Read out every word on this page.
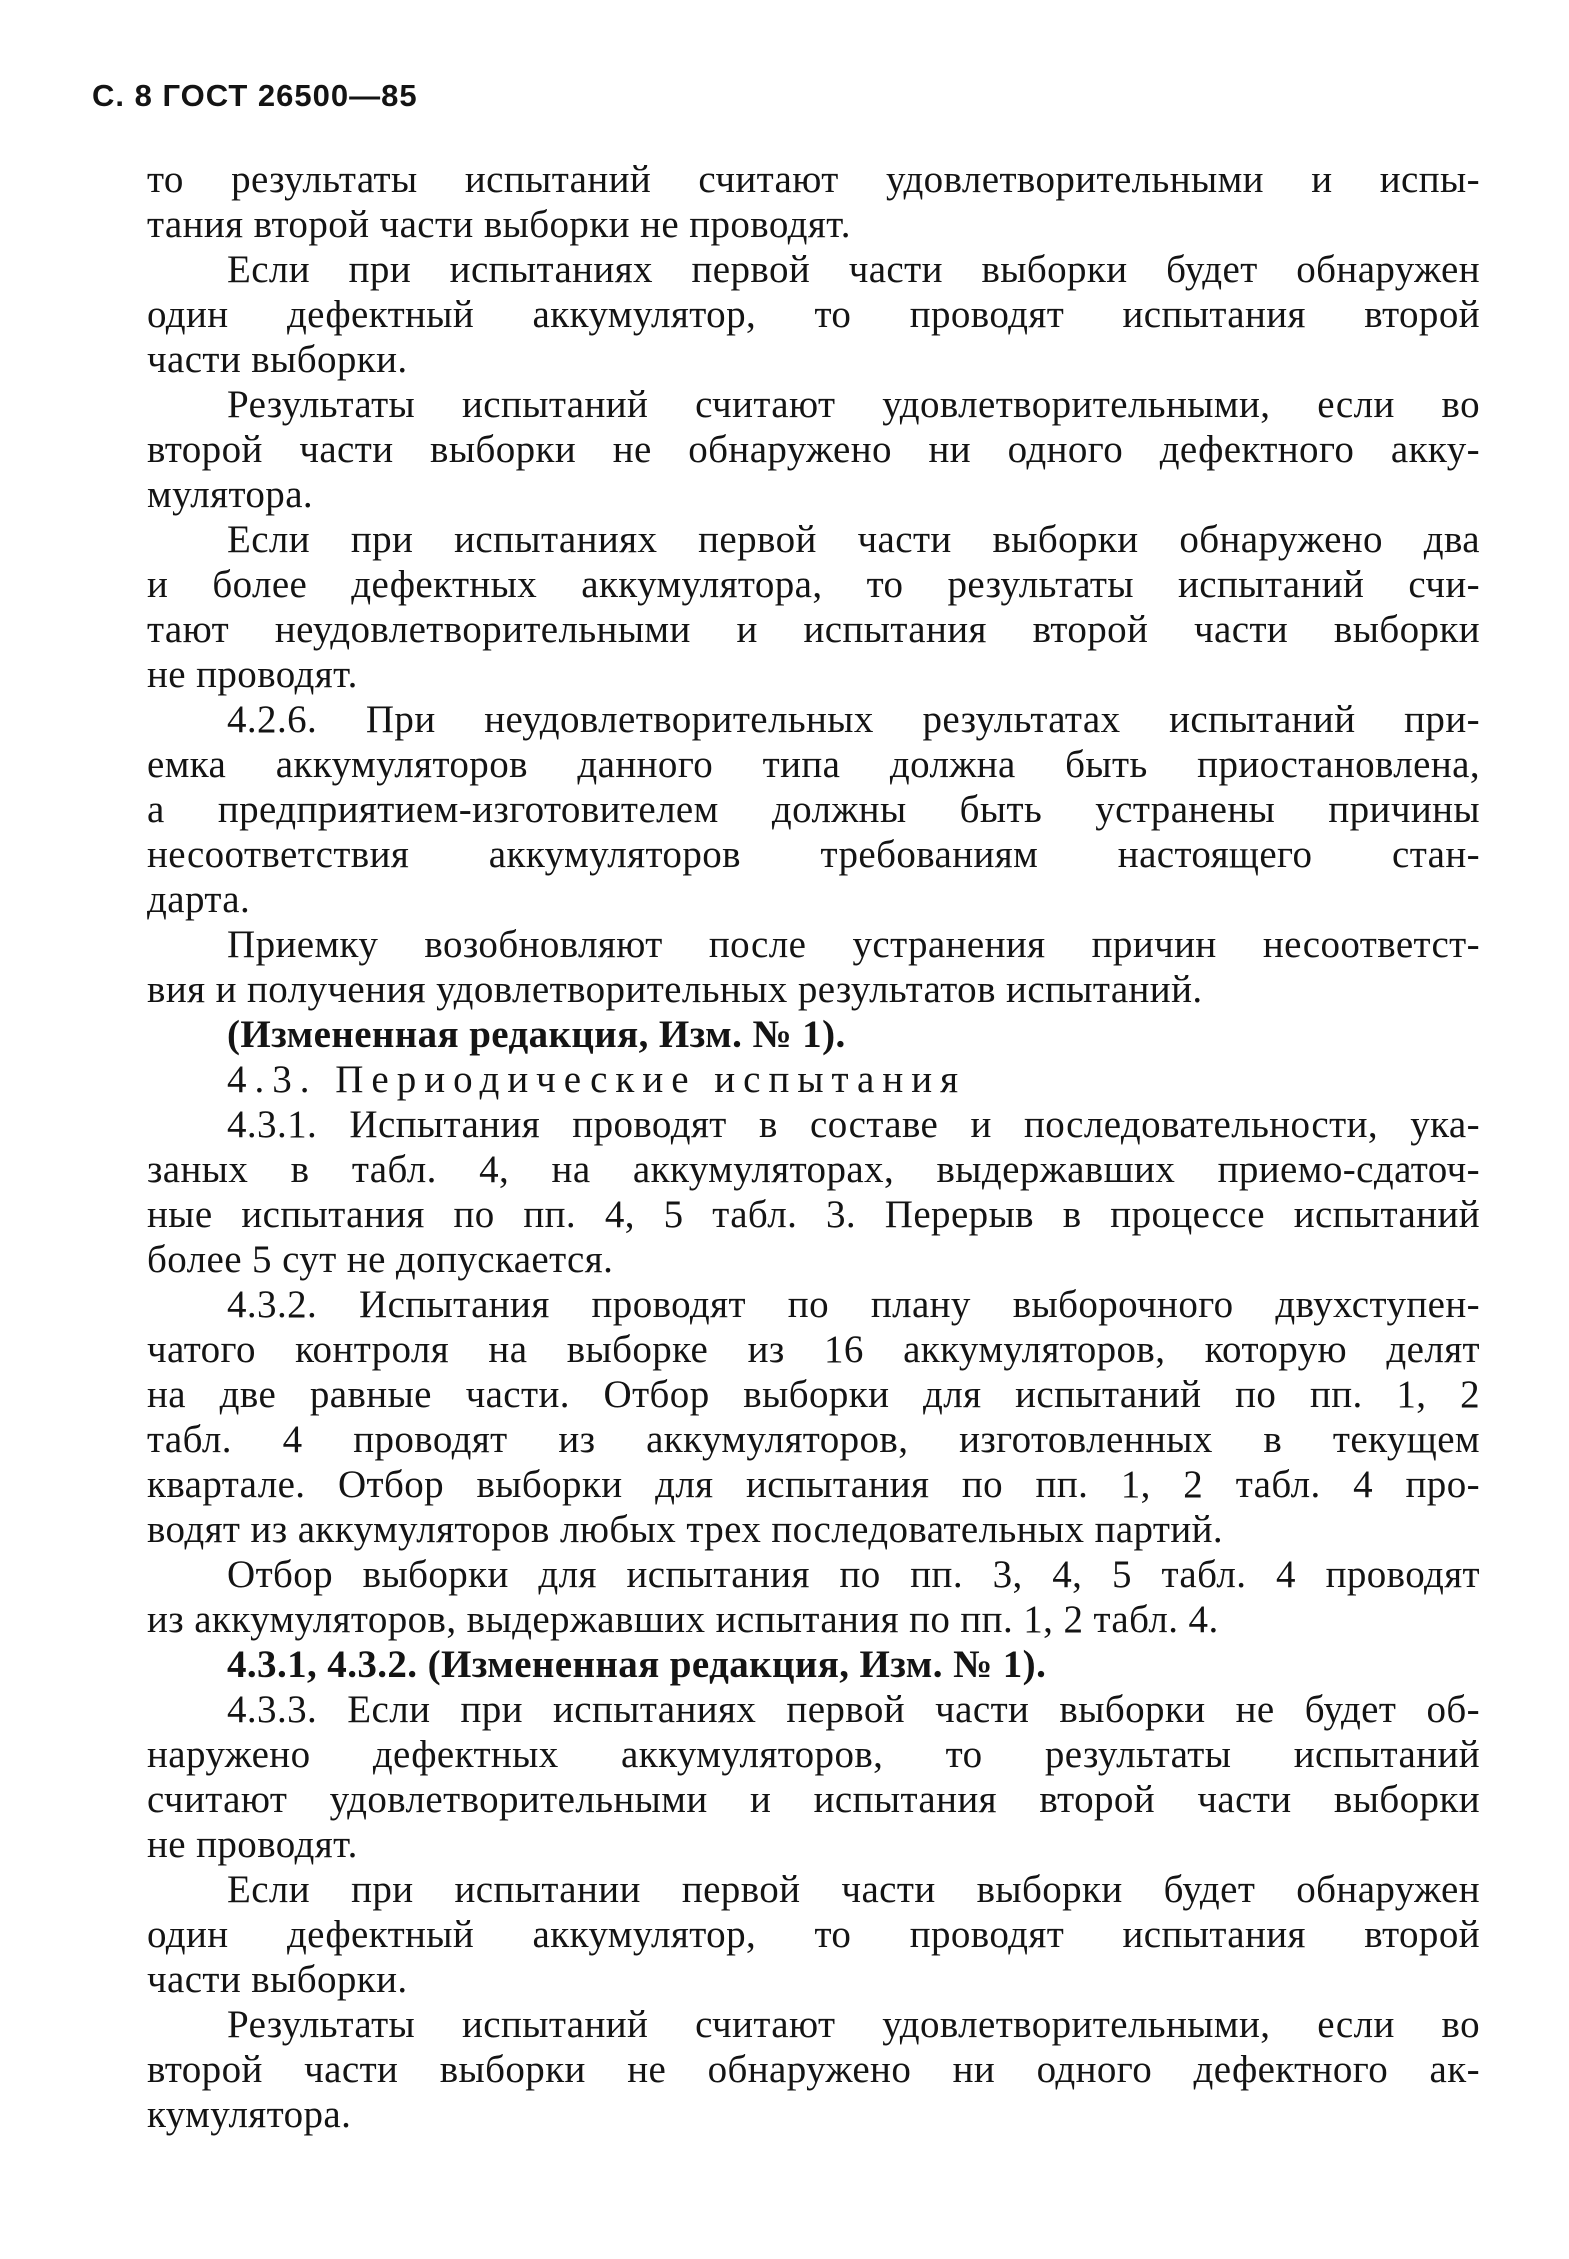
С. 8 ГОСТ 26500—85

то результаты испытаний считают удовлетворительными и испы-
тания второй части выборки не проводят.

Если при испытаниях первой части выборки будет обнаружен
один дефектный аккумулятор, то проводят испытания второй
части выборки.

Результаты испытаний считают удовлетворительными, если во
второй части выборки не обнаружено ни одного дефектного акку-
мулятора.

Если при испытаниях первой части выборки обнаружено два
и более дефектных аккумулятора, то результаты испытаний счи-
тают неудовлетворительными и испытания второй части выборки
не проводят.

4.2.6. При неудовлетворительных результатах испытаний при-
емка аккумуляторов данного типа должна быть приостановлена,
а предприятием-изготовителем должны быть устранены причины
несоответствия аккумуляторов требованиям настоящего стан-
дарта.

Приемку возобновляют после устранения причин несоответст-
вия и получения удовлетворительных результатов испытаний.

(Измененная редакция, Изм. № 1).

4.3. Периодические испытания

4.3.1. Испытания проводят в составе и последовательности, ука-
заных в табл. 4, на аккумуляторах, выдержавших приемо-сдаточ-
ные испытания по пп. 4, 5 табл. 3. Перерыв в процессе испытаний
более 5 сут не допускается.

4.3.2. Испытания проводят по плану выборочного двухступен-
чатого контроля на выборке из 16 аккумуляторов, которую делят
на две равные части. Отбор выборки для испытаний по пп. 1, 2
табл. 4 проводят из аккумуляторов, изготовленных в текущем
квартале. Отбор выборки для испытания по пп. 1, 2 табл. 4 про-
водят из аккумуляторов любых трех последовательных партий.

Отбор выборки для испытания по пп. 3, 4, 5 табл. 4 проводят
из аккумуляторов, выдержавших испытания по пп. 1, 2 табл. 4.

4.3.1, 4.3.2. (Измененная редакция, Изм. № 1).

4.3.3. Если при испытаниях первой части выборки не будет об-
наружено дефектных аккумуляторов, то результаты испытаний
считают удовлетворительными и испытания второй части выборки
не проводят.

Если при испытании первой части выборки будет обнаружен
один дефектный аккумулятор, то проводят испытания второй
части выборки.

Результаты испытаний считают удовлетворительными, если во
второй части выборки не обнаружено ни одного дефектного ак-
кумулятора.
